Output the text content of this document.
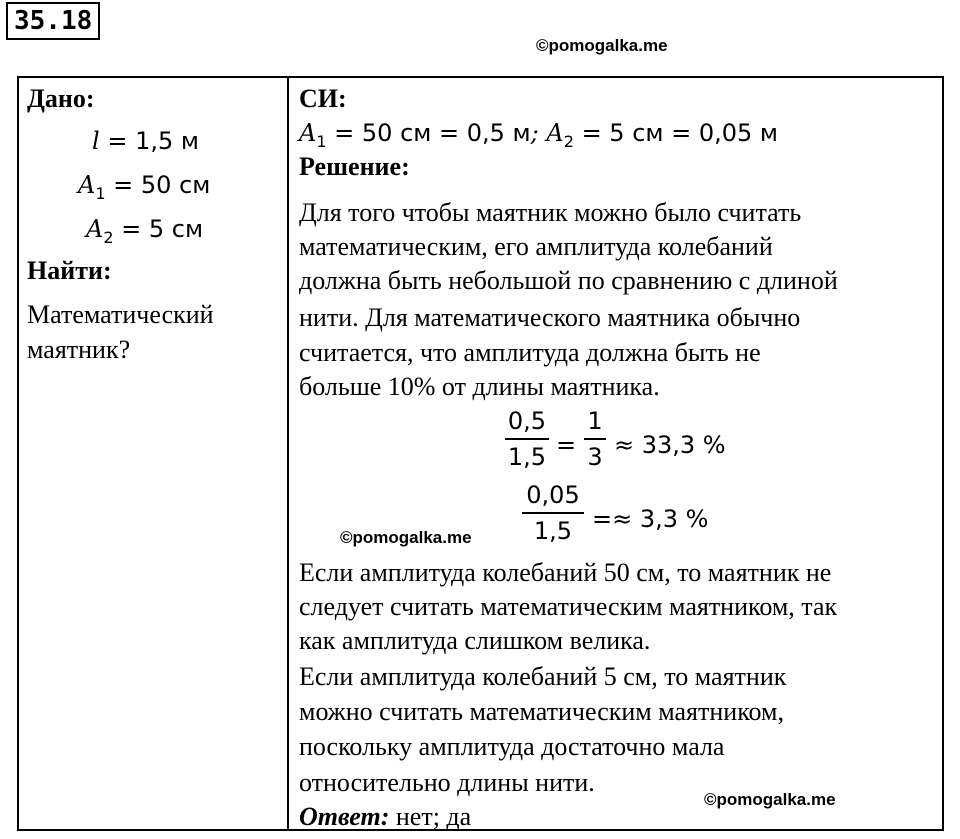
35.18
©pomogalka.me
Дано:
l = 1,5 м
$A_1 = 50$ см
$A_2 = 5$ см
Найти:
Математический
маятник?
СИ:
$A_1 = 50$ см = 0,5 м; $A_2 = 5$ см = 0,05 м
Решение:
Для того чтобы маятник можно было считать
математическим, его амплитуда колебаний
должна быть небольшой по сравнению с длиной
нити. Для математического маятника обычно
считается, что амплитуда должна быть не
больше 10% от длины маятника.
0,5
1,5 =
1
3 ≈ 33,3 %
0,05
1,5 =≈ 3,3 %
©pomogalka.me
Если амплитуда колебаний 50 см, то маятник не
следует считать математическим маятником, так
как амплитуда слишком велика.
Если амплитуда колебаний 5 см, то маятник
можно считать математическим маятником,
поскольку амплитуда достаточно мала
относительно длины нити.
Ответ: нет; да
©pomogalka.me
